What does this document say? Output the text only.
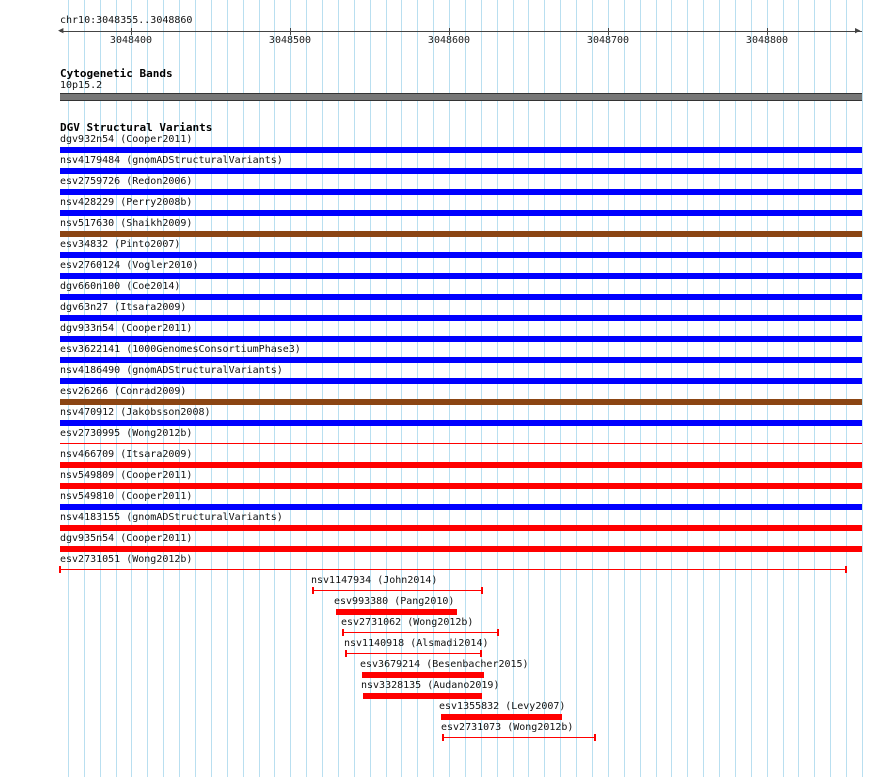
chr10:3048355..3048860
◀	▶
3048400	3048500	3048600	3048700	3048800
Cytogenetic Bands
10p15.2
DGV Structural Variants
dgv932n54 (Cooper2011)
nsv4179484 (gnomADStructuralVariants)
esv2759726 (Redon2006)
nsv428229 (Perry2008b)
nsv517630 (Shaikh2009)
esv34832 (Pinto2007)
esv2760124 (Vogler2010)
dgv660n100 (Coe2014)
dgv63n27 (Itsara2009)
dgv933n54 (Cooper2011)
esv3622141 (1000GenomesConsortiumPhase3)
nsv4186490 (gnomADStructuralVariants)
esv26266 (Conrad2009)
nsv470912 (Jakobsson2008)
esv2730995 (Wong2012b)
nsv466709 (Itsara2009)
nsv549809 (Cooper2011)
nsv549810 (Cooper2011)
nsv4183155 (gnomADStructuralVariants)
dgv935n54 (Cooper2011)
esv2731051 (Wong2012b)
nsv1147934 (John2014)
esv993380 (Pang2010)
esv2731062 (Wong2012b)
nsv1140918 (Alsmadi2014)
esv3679214 (Besenbacher2015)
nsv3328135 (Audano2019)
esv1355832 (Levy2007)
esv2731073 (Wong2012b)
